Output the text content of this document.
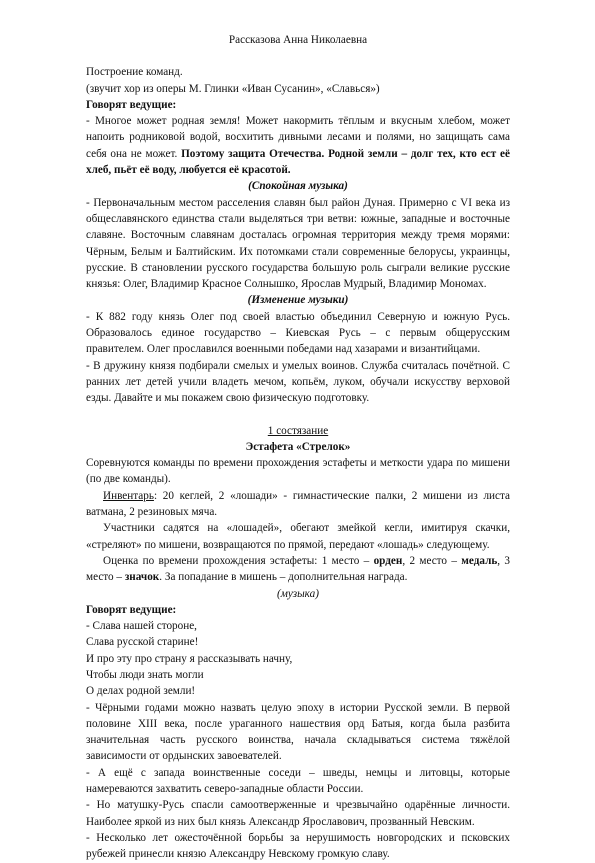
Рассказова Анна Николаевна

Построение команд.

(звучит хор из оперы М. Глинки «Иван Сусанин», «Славься»)

Говорят ведущие:

- Многое может родная земля! Может накормить тёплым и вкусным хлебом, может напоить родниковой водой, восхитить дивными лесами и полями, но защищать сама себя она не может. Поэтому защита Отечества. Родной земли – долг тех, кто ест её хлеб, пьёт её воду, любуется её красотой.

(Спокойная музыка)

- Первоначальным местом расселения славян был район Дуная. Примерно с VI века из общеславянского единства стали выделяться три ветви: южные, западные и восточные славяне. Восточным славянам досталась огромная территория между тремя морями: Чёрным, Белым и Балтийским. Их потомками стали современные белорусы, украинцы, русские. В становлении русского государства большую роль сыграли великие русские князья: Олег, Владимир Красное Солнышко, Ярослав Мудрый, Владимир Мономах.

(Изменение музыки)

- К 882 году князь Олег под своей властью объединил Северную и южную Русь. Образовалось единое государство – Киевская Русь – с первым общерусским правителем. Олег прославился военными победами над хазарами и византийцами.

- В дружину князя подбирали смелых и умелых воинов. Служба считалась почётной. С ранних лет детей учили владеть мечом, копьём, луком, обучали искусству верховой езды. Давайте и мы покажем свою физическую подготовку.

1 состязание

Эстафета «Стрелок»

Соревнуются команды по времени прохождения эстафеты и меткости удара по мишени (по две команды).

Инвентарь: 20 кеглей, 2 «лошади» - гимнастические палки, 2 мишени из листа ватмана, 2 резиновых мяча.

Участники садятся на «лошадей», обегают змейкой кегли, имитируя скачки, «стреляют» по мишени, возвращаются по прямой, передают «лошадь» следующему.

Оценка по времени прохождения эстафеты: 1 место – орден, 2 место – медаль, 3 место – значок. За попадание в мишень – дополнительная награда.

(музыка)

Говорят ведущие:

- Слава нашей стороне,

Слава русской старине!

И про эту про страну я рассказывать начну,

Чтобы люди знать могли

О делах родной земли!

- Чёрными годами можно назвать целую эпоху в истории Русской земли. В первой половине XIII века, после ураганного нашествия орд Батыя, когда была разбита значительная часть русского воинства, начала складываться система тяжёлой зависимости от ордынских завоевателей.

- А ещё с запада воинственные соседи – шведы, немцы и литовцы, которые намереваются захватить северо-западные области России.

- Но матушку-Русь спасли самоотверженные и чрезвычайно одарённые личности. Наиболее яркой из них был князь Александр Ярославович, прозванный Невским.

- Несколько лет ожесточённой борьбы за нерушимость новгородских и псковских рубежей принесли князю Александру Невскому громкую славу.
